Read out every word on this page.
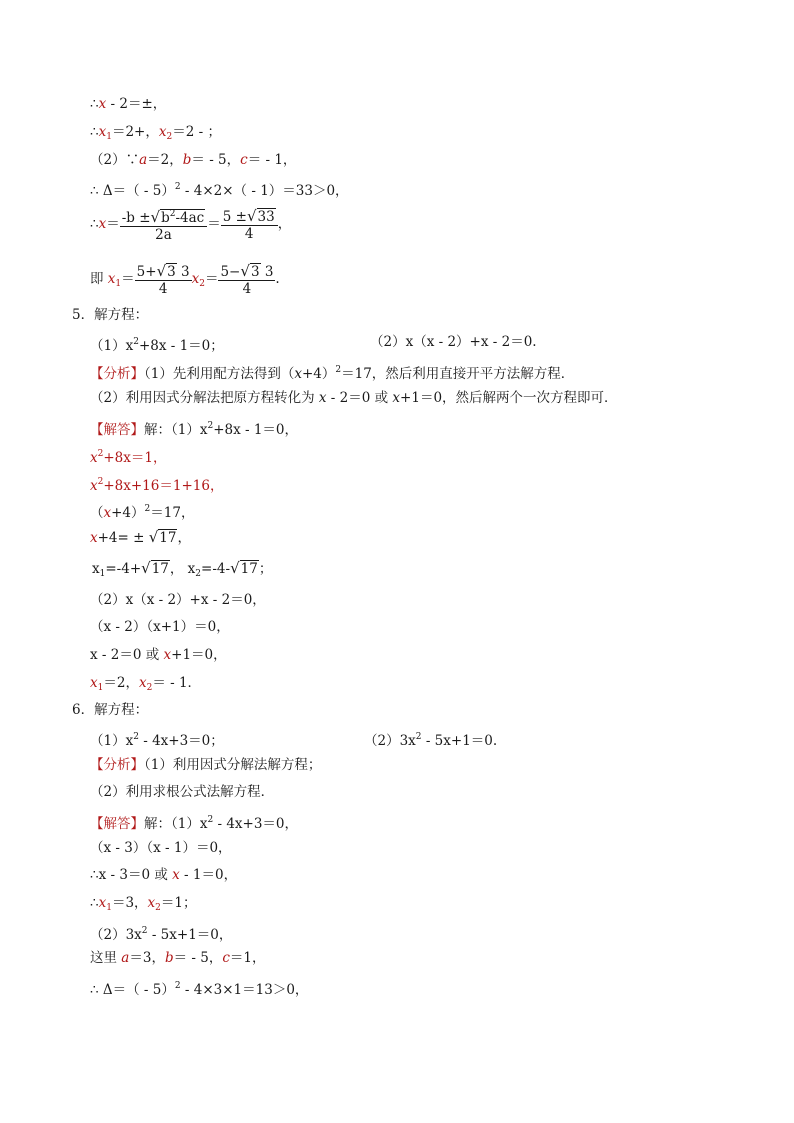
∴x - 2＝±，
$\therefore x_1=2+$，$x_2=2$ - ；
（2）∵a＝2，b＝ - 5，c＝ - 1，
∴ Δ＝（ - 5）$^2$ - 4×2×（ - 1）＝33＞0，
∴x＝ $\frac{-b \pm√b^2-4ac}{2a} = \frac{5 \pm√33}{4}$ ，
即 $x_1= \frac{5+√3 3}{4} x_2= \frac{5-√3 3}{4}$ .
5．解方程：
$(1)x^2+8x - 1=0$；	（2）x（x - 2）+x - 2＝0.
【分析】（1）先利用配方法得到$(x+4)^2=17$，然后利用直接开平方法解方程．
（2）利用因式分解法把原方程转化为 x - 2＝0 或 x+1＝0，然后解两个一次方程即可．
【解答】解：$(1)x^2+8x - 1=0$，
$x^2+8x=1$，
$x^2+8x+16=1+16$，
$(x+4)^2=17$，
x+4= ± √17，
$x_1=-4+√17$， $x_2=-4-√17$；
（2）x（x - 2）+x - 2＝0，
（x - 2）（x+1）＝0，
x - 2＝0 或 x+1＝0，
$x_1=2$，$x_2= - 1$．
6．解方程：
$(1)x^2 - 4x+3=0$；	$(2)3x^2 - 5x+1=0$.
【分析】（1）利用因式分解法解方程；
（2）利用求根公式法解方程．
【解答】解：$(1)x^2 - 4x+3=0$，
（x - 3）（x - 1）＝0，
∴x - 3＝0 或 x - 1＝0，
$\therefore x_1=3$，$x_2=1$；
$(2)3x^2 - 5x+1=0$，
这里 a＝3，b＝ - 5，c＝1，
∴ Δ＝（ - 5）$^2$ - 4×3×1＝13＞0，
